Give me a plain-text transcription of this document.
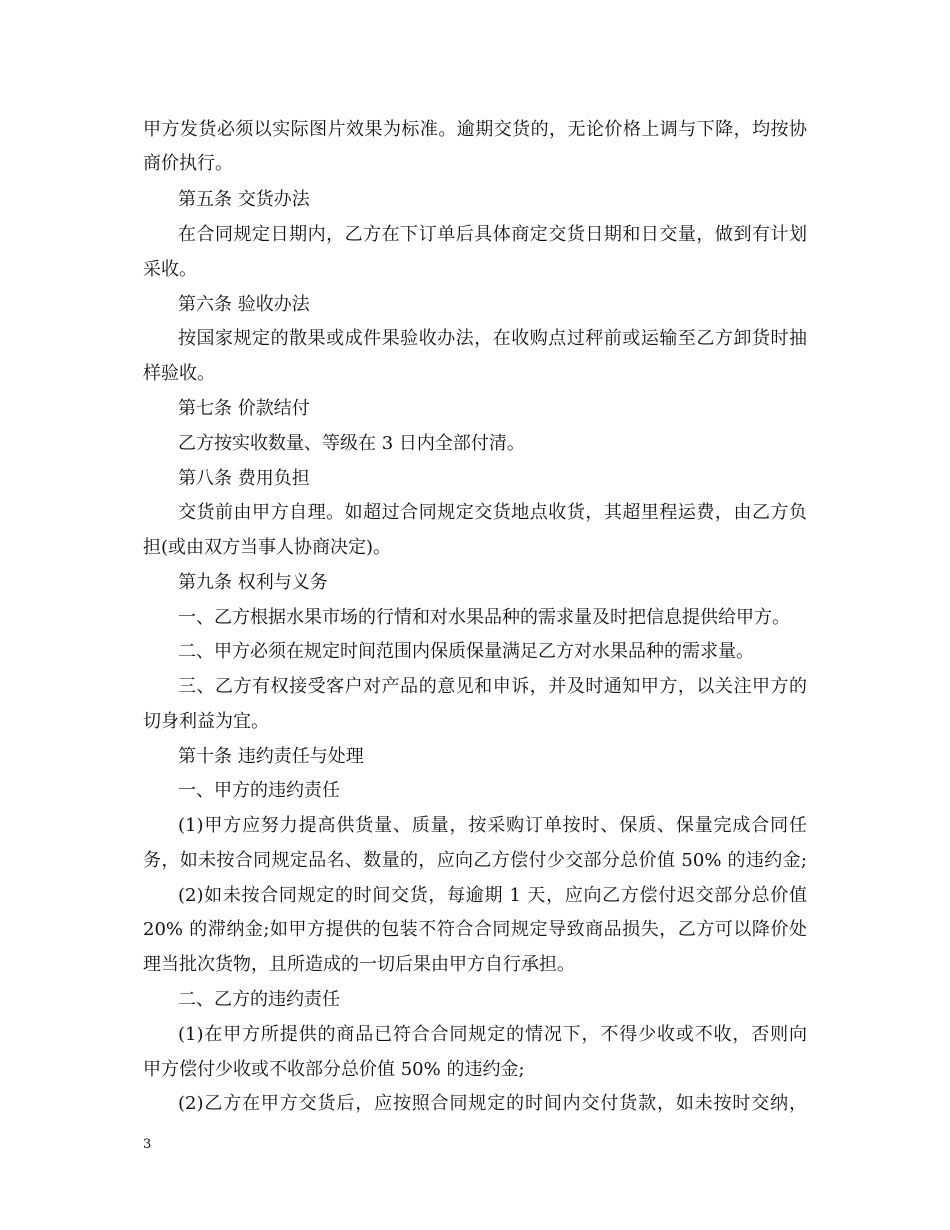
甲方发货必须以实际图片效果为标准。逾期交货的，无论价格上调与下降，均按协
商价执行。
第五条 交货办法
在合同规定日期内，乙方在下订单后具体商定交货日期和日交量，做到有计划
采收。
第六条 验收办法
按国家规定的散果或成件果验收办法，在收购点过秤前或运输至乙方卸货时抽
样验收。
第七条 价款结付
乙方按实收数量、等级在 3 日内全部付清。
第八条 费用负担
交货前由甲方自理。如超过合同规定交货地点收货，其超里程运费，由乙方负
担(或由双方当事人协商决定)。
第九条 权利与义务
一、乙方根据水果市场的行情和对水果品种的需求量及时把信息提供给甲方。
二、甲方必须在规定时间范围内保质保量满足乙方对水果品种的需求量。
三、乙方有权接受客户对产品的意见和申诉，并及时通知甲方，以关注甲方的
切身利益为宜。
第十条 违约责任与处理
一、甲方的违约责任
(1)甲方应努力提高供货量、质量，按采购订单按时、保质、保量完成合同任
务，如未按合同规定品名、数量的，应向乙方偿付少交部分总价值 50% 的违约金;
(2)如未按合同规定的时间交货，每逾期 1 天，应向乙方偿付迟交部分总价值
20% 的滞纳金;如甲方提供的包装不符合合同规定导致商品损失，乙方可以降价处
理当批次货物，且所造成的一切后果由甲方自行承担。
二、乙方的违约责任
(1)在甲方所提供的商品已符合合同规定的情况下，不得少收或不收，否则向
甲方偿付少收或不收部分总价值 50% 的违约金;
(2)乙方在甲方交货后，应按照合同规定的时间内交付货款，如未按时交纳，
3
